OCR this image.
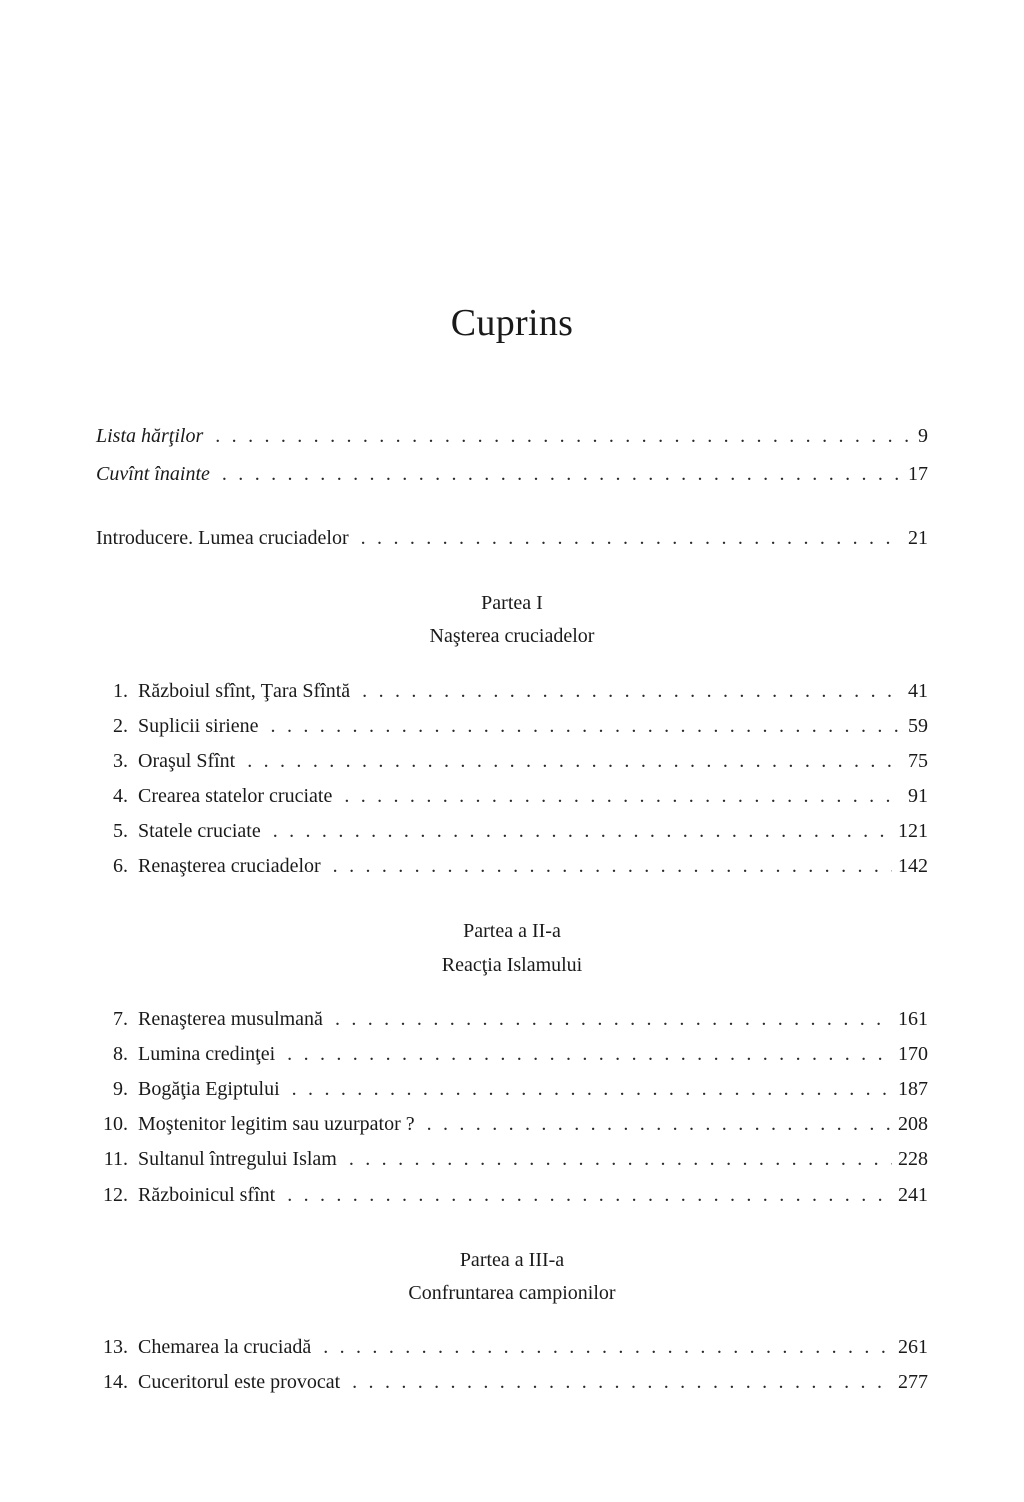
Cuprins
Lista hărţilor . . .	9
Cuvînt înainte . . .	17
Introducere. Lumea cruciadelor . . .	21
Partea I
Naşterea cruciadelor
1. Războiul sfînt, Ţara Sfîntă . . .	41
2. Suplicii siriene . . .	59
3. Oraşul Sfînt . . .	75
4. Crearea statelor cruciate . . .	91
5. Statele cruciate . . .	121
6. Renaşterea cruciadelor . . .	142
Partea a II-a
Reacţia Islamului
7. Renaşterea musulmană . . .	161
8. Lumina credinţei . . .	170
9. Bogăţia Egiptului . . .	187
10. Moştenitor legitim sau uzurpator ? . . .	208
11. Sultanul întregului Islam . . .	228
12. Războinicul sfînt . . .	241
Partea a III-a
Confruntarea campionilor
13. Chemarea la cruciadă . . .	261
14. Cuceritorul este provocat . . .	277
